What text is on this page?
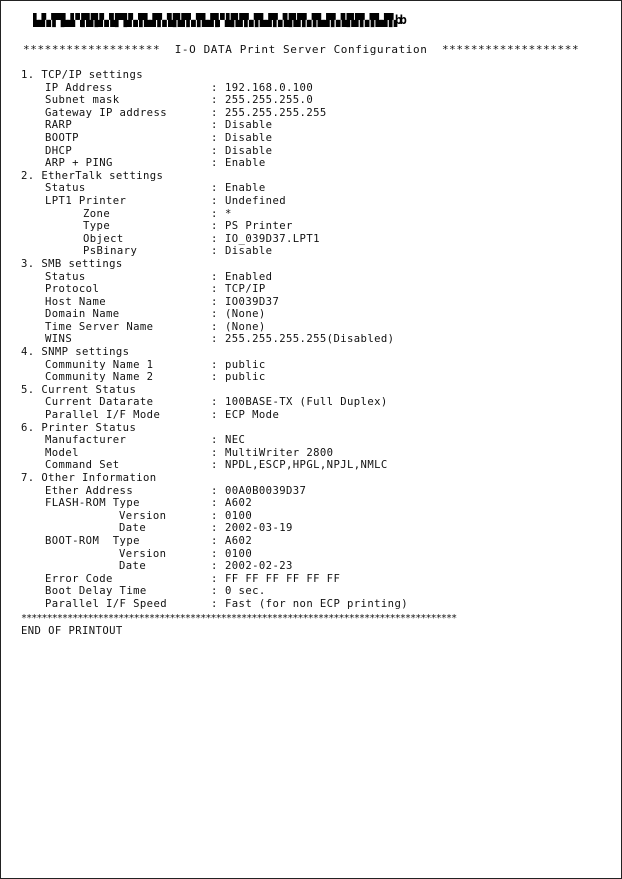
▙▟▚▞▛▜▙▟▞▚▛▙▜▟▚▞▙▛▜▟▚▞▛▙▟▜▚▞▙▛▟▜▚▞▛▙▟▜▞▚▙▛▟▜▚▞▛▙▟▜▚▞▙▛▟▜▚▞▛▙▟▜▚▞▙▛▟▜▚▞▛▙▟▜▚bb
******************* I-O DATA Print Server Configuration *******************
1. TCP/IP settings
IP Address	: 192.168.0.100
Subnet mask	: 255.255.255.0
Gateway IP address	: 255.255.255.255
RARP	: Disable
BOOTP	: Disable
DHCP	: Disable
ARP + PING	: Enable
2. EtherTalk settings
Status	: Enable
LPT1 Printer	: Undefined
Zone	: *
Type	: PS Printer
Object	: IO_039D37.LPT1
PsBinary	: Disable
3. SMB settings
Status	: Enabled
Protocol	: TCP/IP
Host Name	: IO039D37
Domain Name	: (None)
Time Server Name	: (None)
WINS	: 255.255.255.255(Disabled)
4. SNMP settings
Community Name 1	: public
Community Name 2	: public
5. Current Status
Current Datarate	: 100BASE-TX (Full Duplex)
Parallel I/F Mode	: ECP Mode
6. Printer Status
Manufacturer	: NEC
Model	: MultiWriter 2800
Command Set	: NPDL,ESCP,HPGL,NPJL,NMLC
7. Other Information
Ether Address	: 00A0B0039D37
FLASH-ROM Type	: A602
Version	: 0100
Date	: 2002-03-19
BOOT-ROM  Type	: A602
Version	: 0100
Date	: 2002-02-23
Error Code	: FF FF FF FF FF FF
Boot Delay Time	: 0 sec.
Parallel I/F Speed	: Fast (for non ECP printing)
*************************************************************************************
END OF PRINTOUT
